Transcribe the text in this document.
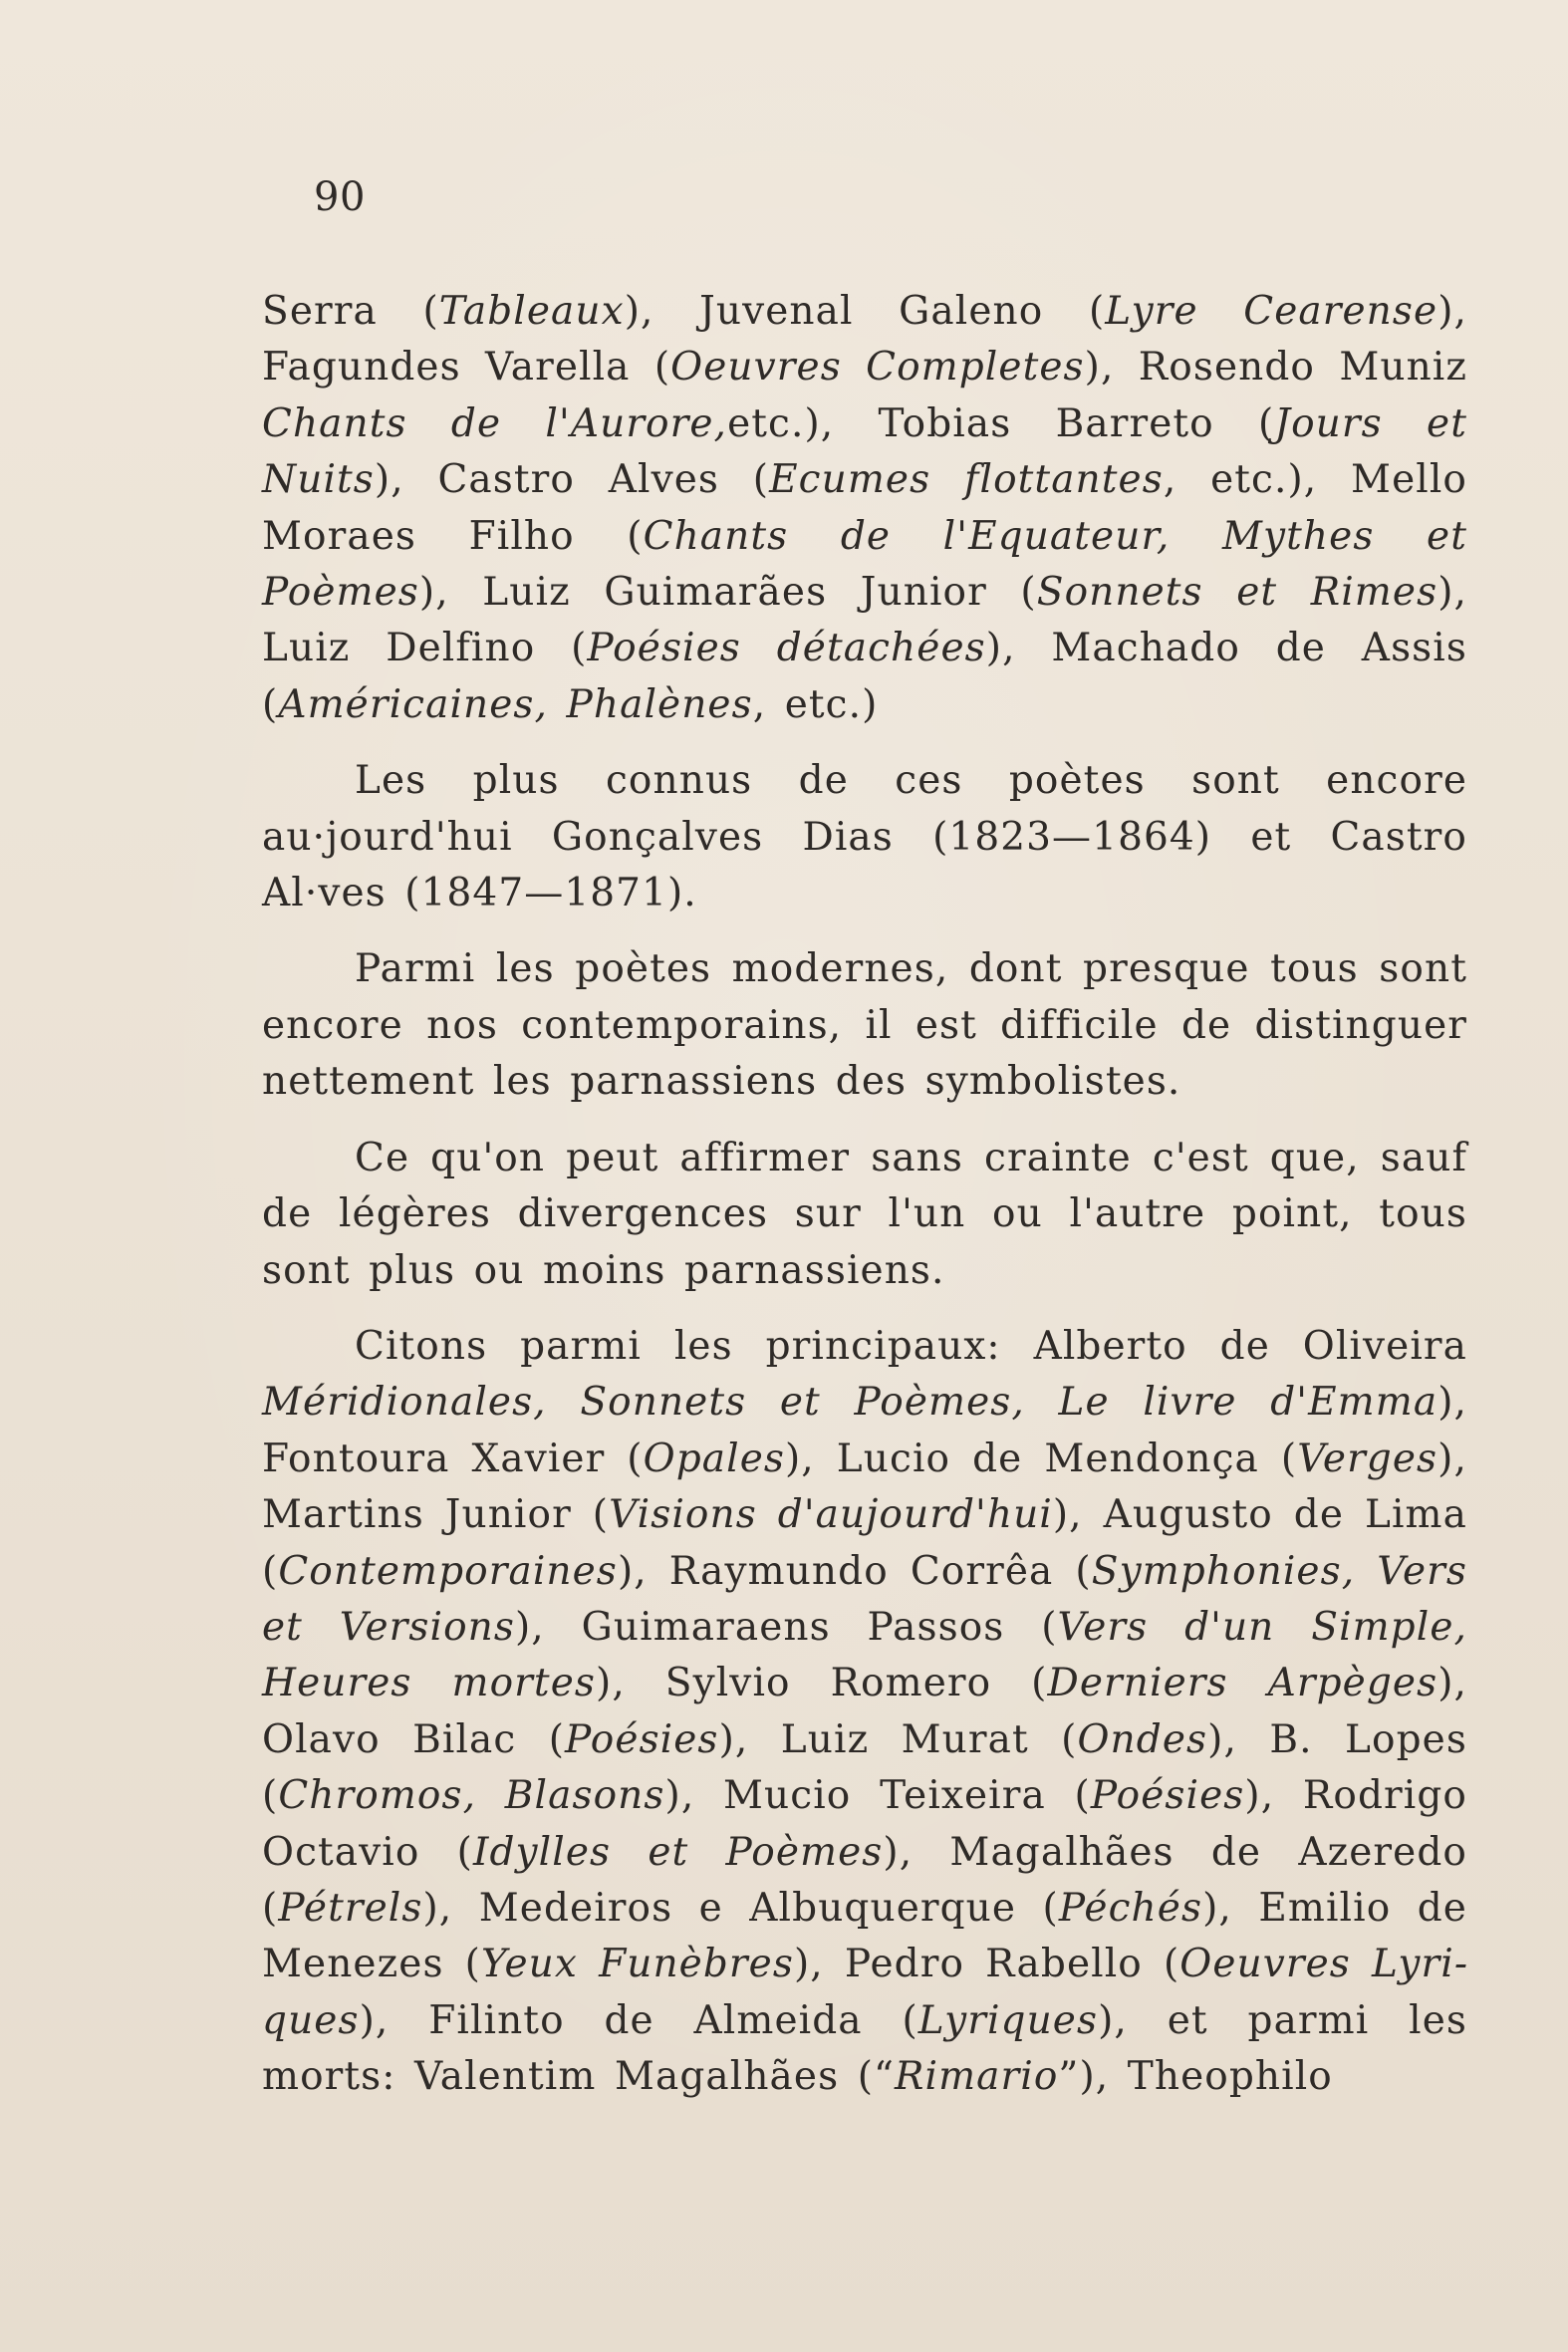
90

Serra (Tableaux), Juvenal Galeno (Lyre Cearense), Fagundes Varella (Oeuvres Completes), Rosendo Muniz Chants de l'Aurore,etc.), Tobias Barreto (Jours et Nuits), Castro Alves (Ecumes flottantes, etc.), Mello Moraes Filho (Chants de l'Equateur, Mythes et Poèmes), Luiz Guimarães Junior (Sonnets et Rimes), Luiz Delfino (Poésies détachées), Machado de Assis (Américaines, Phalènes, etc.)

Les plus connus de ces poètes sont encore au·jourd'hui Gonçalves Dias (1823—1864) et Castro Al·ves (1847—1871).

Parmi les poètes modernes, dont presque tous sont encore nos contemporains, il est difficile de distinguer nettement les parnassiens des symbolistes.

Ce qu'on peut affirmer sans crainte c'est que, sauf de légères divergences sur l'un ou l'autre point, tous sont plus ou moins parnassiens.

Citons parmi les principaux: Alberto de Oliveira Méridionales, Sonnets et Poèmes, Le livre d'Emma), Fontoura Xavier (Opales), Lucio de Mendonça (Verges), Martins Junior (Visions d'aujourd'hui), Augusto de Lima (Contemporaines), Raymundo Corrêa (Symphonies, Vers et Versions), Guimaraens Passos (Vers d'un Simple, Heures mortes), Sylvio Romero (Derniers Arpèges), Olavo Bilac (Poésies), Luiz Murat (Ondes), B. Lopes (Chromos, Blasons), Mucio Teixeira (Poésies), Rodrigo Octavio (Idylles et Poèmes), Magalhães de Azeredo (Pétrels), Medeiros e Albuquerque (Péchés), Emilio de Menezes (Yeux Funèbres), Pedro Rabello (Oeuvres Lyriques), Filinto de Almeida (Lyriques), et parmi les morts: Valentim Magalhães (“Rimario”), Theophilo
